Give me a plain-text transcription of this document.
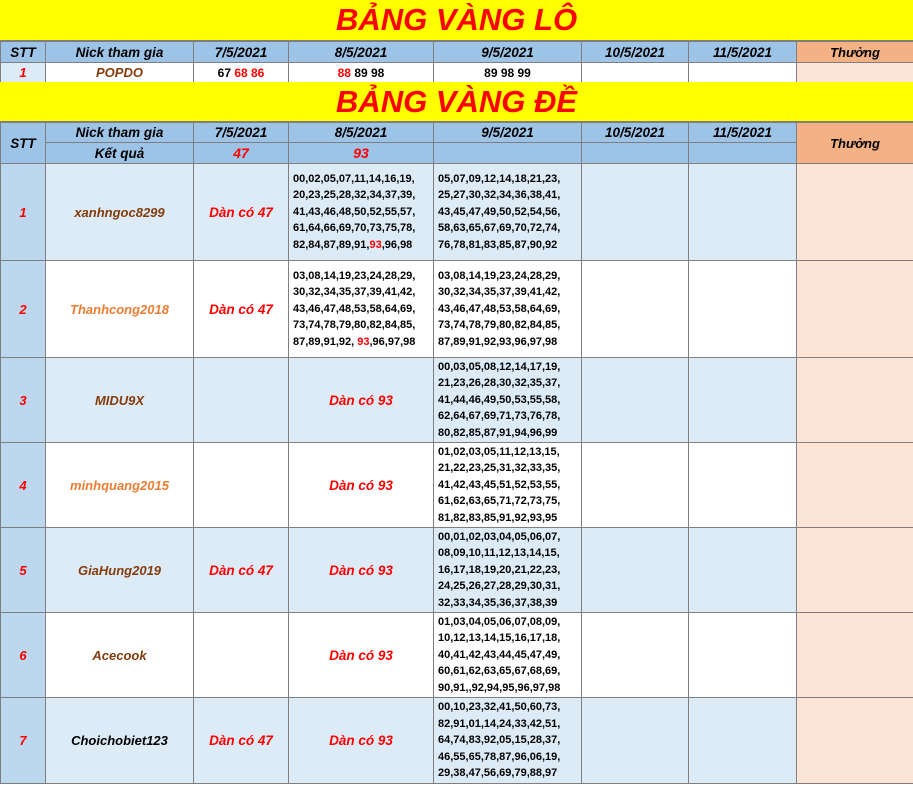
BẢNG VÀNG LÔ
STT	Nick tham gia	7/5/2021	8/5/2021	9/5/2021	10/5/2021	11/5/2021	Thưởng
1	POPDO	67 68 86	88 89 98	89 98 99			
BẢNG VÀNG ĐỀ
STT	Nick tham gia	7/5/2021	8/5/2021	9/5/2021	10/5/2021	11/5/2021	Thưởng
	Kết quả	47	93				
1	xanhngoc8299	Dàn có 47	00,02,05,07,11,14,16,19,
20,23,25,28,32,34,37,39,
41,43,46,48,50,52,55,57,
61,64,66,69,70,73,75,78,
82,84,87,89,91,93,96,98	05,07,09,12,14,18,21,23,
25,27,30,32,34,36,38,41,
43,45,47,49,50,52,54,56,
58,63,65,67,69,70,72,74,
76,78,81,83,85,87,90,92			
2	Thanhcong2018	Dàn có 47	03,08,14,19,23,24,28,29,
30,32,34,35,37,39,41,42,
43,46,47,48,53,58,64,69,
73,74,78,79,80,82,84,85,
87,89,91,92, 93,96,97,98	03,08,14,19,23,24,28,29,
30,32,34,35,37,39,41,42,
43,46,47,48,53,58,64,69,
73,74,78,79,80,82,84,85,
87,89,91,92,93,96,97,98			
3	MIDU9X		Dàn có 93	00,03,05,08,12,14,17,19,
21,23,26,28,30,32,35,37,
41,44,46,49,50,53,55,58,
62,64,67,69,71,73,76,78,
80,82,85,87,91,94,96,99			
4	minhquang2015		Dàn có 93	01,02,03,05,11,12,13,15,
21,22,23,25,31,32,33,35,
41,42,43,45,51,52,53,55,
61,62,63,65,71,72,73,75,
81,82,83,85,91,92,93,95			
5	GiaHung2019	Dàn có 47	Dàn có 93	00,01,02,03,04,05,06,07,
08,09,10,11,12,13,14,15,
16,17,18,19,20,21,22,23,
24,25,26,27,28,29,30,31,
32,33,34,35,36,37,38,39			
6	Acecook		Dàn có 93	01,03,04,05,06,07,08,09,
10,12,13,14,15,16,17,18,
40,41,42,43,44,45,47,49,
60,61,62,63,65,67,68,69,
90,91,,92,94,95,96,97,98			
7	Choichobiet123	Dàn có 47	Dàn có 93	00,10,23,32,41,50,60,73,
82,91,01,14,24,33,42,51,
64,74,83,92,05,15,28,37,
46,55,65,78,87,96,06,19,
29,38,47,56,69,79,88,97			
